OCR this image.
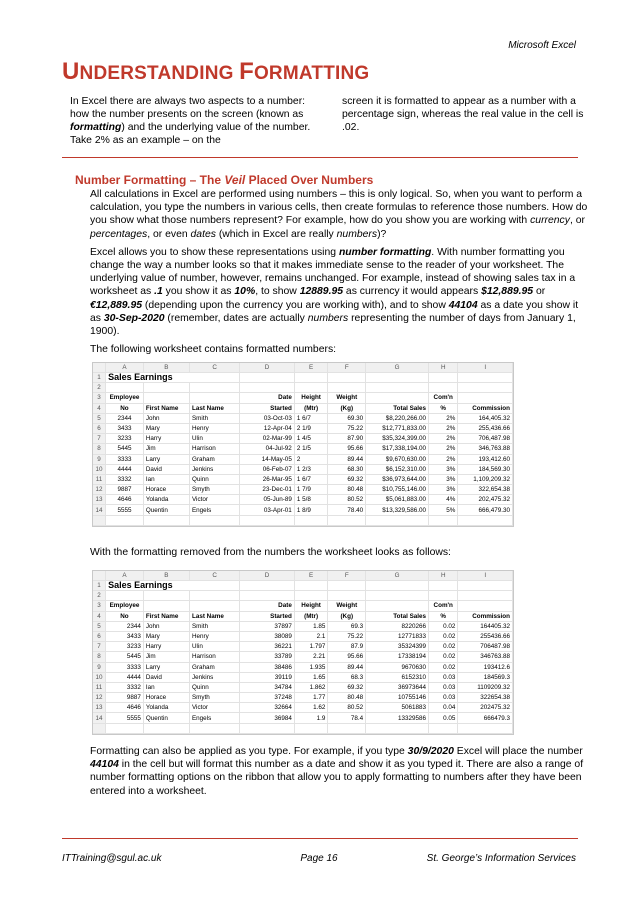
Microsoft Excel
UNDERSTANDING FORMATTING
In Excel there are always two aspects to a number: how the number presents on the screen (known as formatting) and the underlying value of the number. Take 2% as an example – on the
screen it is formatted to appear as a number with a percentage sign, whereas the real value in the cell is .02.
Number Formatting – The Veil Placed Over Numbers

All calculations in Excel are performed using numbers – this is only logical. So, when you want to perform a calculation, you type the numbers in various cells, then create formulas to reference those numbers. How do you show what those numbers represent? For example, how do you show you are working with currency, or percentages, or even dates (which in Excel are really numbers)?

Excel allows you to show these representations using number formatting. With number formatting you change the way a number looks so that it makes immediate sense to the reader of your worksheet. The underlying value of number, however, remains unchanged. For example, instead of showing sales tax in a worksheet as .1 you show it as 10%, to show 12889.95 as currency it would appears $12,889.95 or €12,889.95 (depending upon the currency you are working with), and to show 44104 as a date you show it as 30-Sep-2020 (remember, dates are actually numbers representing the number of days from January 1, 1900).

The following worksheet contains formatted numbers:

	A	B	C	D	E	F	G	H	I
1	Sales Earnings								
2									
3	Employee			Date	Height	Weight		Com'n	
4	No	First Name	Last Name	Started	(Mtr)	(Kg)	Total Sales	%	Commission
5	2344	John	Smith	03-Oct-03	1 6/7	69.30	$8,220,266.00	2%	164,405.32
6	3433	Mary	Henry	12-Apr-04	2 1/9	75.22	$12,771,833.00	2%	255,436.66
7	3233	Harry	Ulin	02-Mar-99	1 4/5	87.90	$35,324,399.00	2%	706,487.98
8	5445	Jim	Harrison	04-Jul-92	2 1/5	95.66	$17,338,194.00	2%	346,763.88
9	3333	Larry	Graham	14-May-05	2	89.44	$9,670,630.00	2%	193,412.60
10	4444	David	Jenkins	06-Feb-07	1 2/3	68.30	$6,152,310.00	3%	184,569.30
11	3332	Ian	Quinn	26-Mar-95	1 6/7	69.32	$36,973,644.00	3%	1,109,209.32
12	9887	Horace	Smyth	23-Dec-01	1 7/9	80.48	$10,755,146.00	3%	322,654.38
13	4646	Yolanda	Victor	05-Jun-89	1 5/8	80.52	$5,061,883.00	4%	202,475.32
14	5555	Quentin	Engels	03-Apr-01	1 8/9	78.40	$13,329,586.00	5%	666,479.30

With the formatting removed from the numbers the worksheet looks as follows:
	A	B	C	D	E	F	G	H	I
1	Sales Earnings								
2									
3	Employee			Date	Height	Weight		Com'n	
4	No	First Name	Last Name	Started	(Mtr)	(Kg)	Total Sales	%	Commission
5	2344	John	Smith	37897	1.85	69.3	8220266	0.02	164405.32
6	3433	Mary	Henry	38089	2.1	75.22	12771833	0.02	255436.66
7	3233	Harry	Ulin	36221	1.797	87.9	35324399	0.02	706487.98
8	5445	Jim	Harrison	33789	2.21	95.66	17338194	0.02	346763.88
9	3333	Larry	Graham	38486	1.935	89.44	9670630	0.02	193412.6
10	4444	David	Jenkins	39119	1.65	68.3	6152310	0.03	184569.3
11	3332	Ian	Quinn	34784	1.862	69.32	36973644	0.03	1109209.32
12	9887	Horace	Smyth	37248	1.77	80.48	10755146	0.03	322654.38
13	4646	Yolanda	Victor	32664	1.62	80.52	5061883	0.04	202475.32
14	5555	Quentin	Engels	36984	1.9	78.4	13329586	0.05	666479.3

Formatting can also be applied as you type. For example, if you type 30/9/2020 Excel will place the number 44104 in the cell but will format this number as a date and show it as you typed it. There are also a range of number formatting options on the ribbon that allow you to apply formatting to numbers after they have been entered into a worksheet.
ITTraining@sgul.ac.uk	Page 16	St. George’s Information Services
